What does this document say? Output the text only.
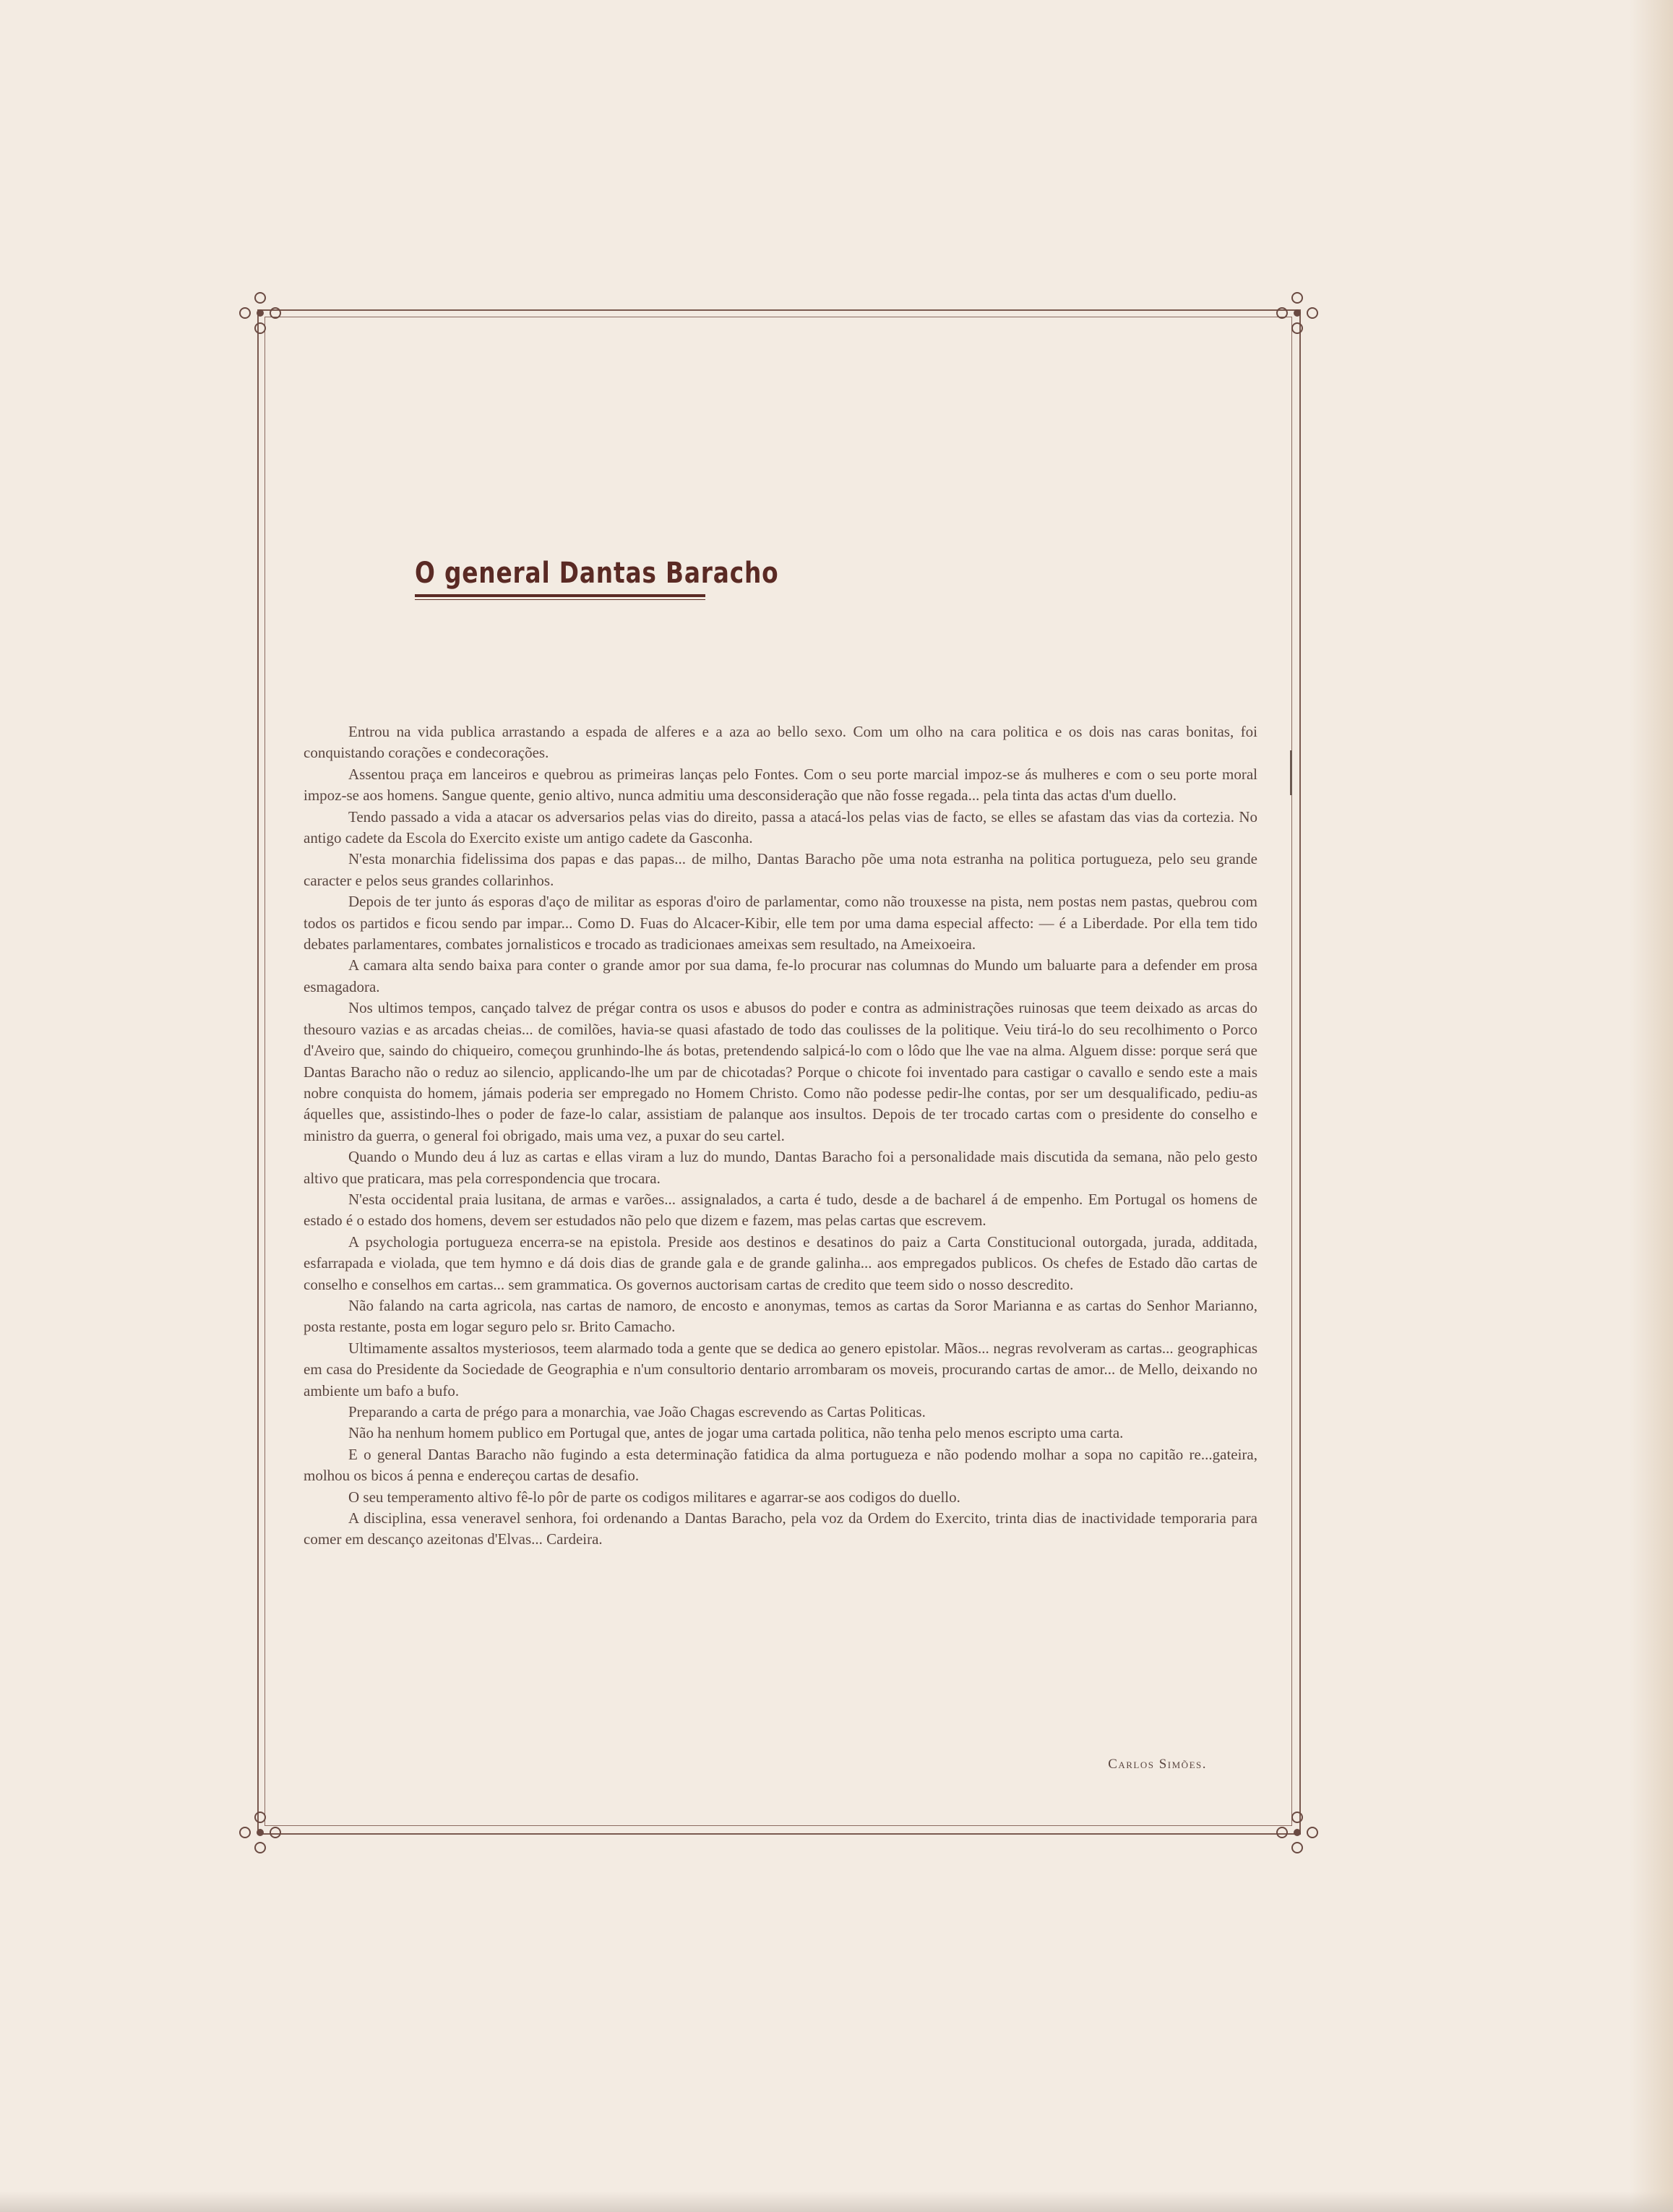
O general Dantas Baracho

Entrou na vida publica arrastando a espada de alferes e a aza ao bello sexo. Com um olho na cara politica e os dois nas caras bonitas, foi conquistando corações e condecorações.

Assentou praça em lanceiros e quebrou as primeiras lanças pelo Fontes. Com o seu porte marcial impoz-se ás mulheres e com o seu porte moral impoz-se aos homens. Sangue quente, genio altivo, nunca admitiu uma desconsideração que não fosse regada... pela tinta das actas d'um duello.

Tendo passado a vida a atacar os adversarios pelas vias do direito, passa a atacá-los pelas vias de facto, se elles se afastam das vias da cortezia. No antigo cadete da Escola do Exercito existe um antigo cadete da Gasconha.

N'esta monarchia fidelissima dos papas e das papas... de milho, Dantas Baracho põe uma nota estranha na politica portugueza, pelo seu grande caracter e pelos seus grandes collarinhos.

Depois de ter junto ás esporas d'aço de militar as esporas d'oiro de parlamentar, como não trouxesse na pista, nem postas nem pastas, quebrou com todos os partidos e ficou sendo par impar... Como D. Fuas do Alcacer-Kibir, elle tem por uma dama especial affecto: — é a Liberdade. Por ella tem tido debates parlamentares, combates jornalisticos e trocado as tradicionaes ameixas sem resultado, na Ameixoeira.

A camara alta sendo baixa para conter o grande amor por sua dama, fe-lo procurar nas columnas do Mundo um baluarte para a defender em prosa esmagadora.

Nos ultimos tempos, cançado talvez de prégar contra os usos e abusos do poder e contra as administrações ruinosas que teem deixado as arcas do thesouro vazias e as arcadas cheias... de comilões, havia-se quasi afastado de todo das coulisses de la politique. Veiu tirá-lo do seu recolhimento o Porco d'Aveiro que, saindo do chiqueiro, começou grunhindo-lhe ás botas, pretendendo salpicá-lo com o lôdo que lhe vae na alma. Alguem disse: porque será que Dantas Baracho não o reduz ao silencio, applicando-lhe um par de chicotadas? Porque o chicote foi inventado para castigar o cavallo e sendo este a mais nobre conquista do homem, jámais poderia ser empregado no Homem Christo. Como não podesse pedir-lhe contas, por ser um desqualificado, pediu-as áquelles que, assistindo-lhes o poder de faze-lo calar, assistiam de palanque aos insultos. Depois de ter trocado cartas com o presidente do conselho e ministro da guerra, o general foi obrigado, mais uma vez, a puxar do seu cartel.

Quando o Mundo deu á luz as cartas e ellas viram a luz do mundo, Dantas Baracho foi a personalidade mais discutida da semana, não pelo gesto altivo que praticara, mas pela correspondencia que trocara.

N'esta occidental praia lusitana, de armas e varões... assignalados, a carta é tudo, desde a de bacharel á de empenho. Em Portugal os homens de estado é o estado dos homens, devem ser estudados não pelo que dizem e fazem, mas pelas cartas que escrevem.

A psychologia portugueza encerra-se na epistola. Preside aos destinos e desatinos do paiz a Carta Constitucional outorgada, jurada, additada, esfarrapada e violada, que tem hymno e dá dois dias de grande gala e de grande galinha... aos empregados publicos. Os chefes de Estado dão cartas de conselho e conselhos em cartas... sem grammatica. Os governos auctorisam cartas de credito que teem sido o nosso descredito.

Não falando na carta agricola, nas cartas de namoro, de encosto e anonymas, temos as cartas da Soror Marianna e as cartas do Senhor Marianno, posta restante, posta em logar seguro pelo sr. Brito Camacho.

Ultimamente assaltos mysteriosos, teem alarmado toda a gente que se dedica ao genero epistolar. Mãos... negras revolveram as cartas... geographicas em casa do Presidente da Sociedade de Geographia e n'um consultorio dentario arrombaram os moveis, procurando cartas de amor... de Mello, deixando no ambiente um bafo a bufo.

Preparando a carta de prégo para a monarchia, vae João Chagas escrevendo as Cartas Politicas.

Não ha nenhum homem publico em Portugal que, antes de jogar uma cartada politica, não tenha pelo menos escripto uma carta.

E o general Dantas Baracho não fugindo a esta determinação fatidica da alma portugueza e não podendo molhar a sopa no capitão re...gateira, molhou os bicos á penna e endereçou cartas de desafio.

O seu temperamento altivo fê-lo pôr de parte os codigos militares e agarrar-se aos codigos do duello.

A disciplina, essa veneravel senhora, foi ordenando a Dantas Baracho, pela voz da Ordem do Exercito, trinta dias de inactividade temporaria para comer em descanço azeitonas d'Elvas... Cardeira.

Carlos Simões.
